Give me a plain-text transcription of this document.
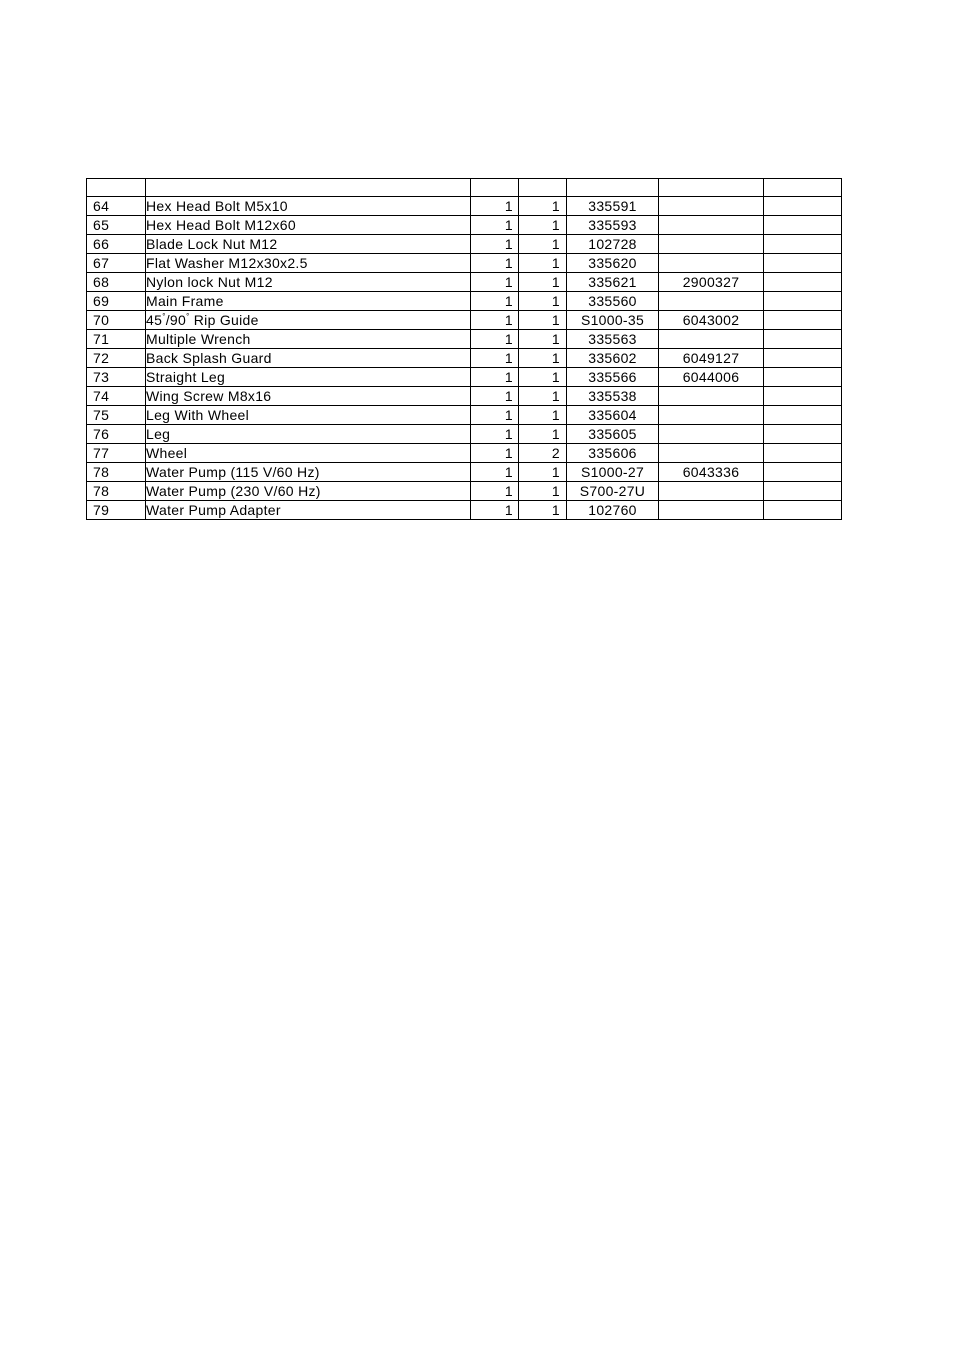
64	Hex Head Bolt M5x10	1	1	335591		
65	Hex Head Bolt M12x60	1	1	335593		
66	Blade Lock Nut M12	1	1	102728		
67	Flat Washer M12x30x2.5	1	1	335620		
68	Nylon lock Nut M12	1	1	335621	2900327	
69	Main Frame	1	1	335560		
70	45°/90° Rip Guide	1	1	S1000-35	6043002	
71	Multiple Wrench	1	1	335563		
72	Back Splash Guard	1	1	335602	6049127	
73	Straight Leg	1	1	335566	6044006	
74	Wing Screw M8x16	1	1	335538		
75	Leg With Wheel	1	1	335604		
76	Leg	1	1	335605		
77	Wheel	1	2	335606		
78	Water Pump (115 V/60 Hz)	1	1	S1000-27	6043336	
78	Water Pump (230 V/60 Hz)	1	1	S700-27U		
79	Water Pump Adapter	1	1	102760		
